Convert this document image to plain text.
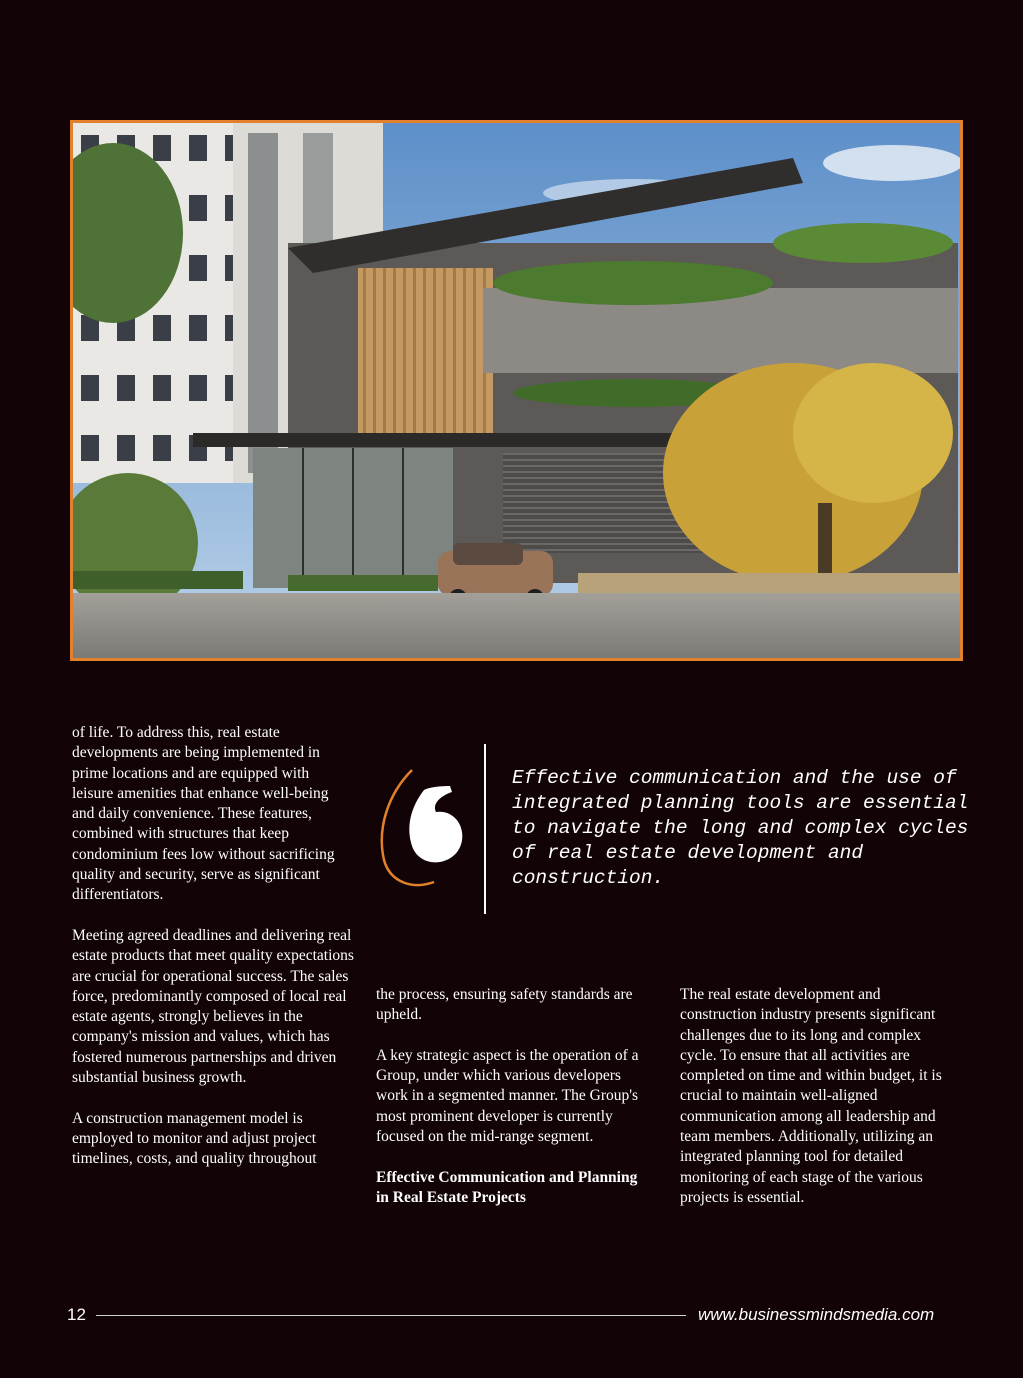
of life. To address this, real estate developments are being implemented in prime locations and are equipped with leisure amenities that enhance well-being and daily convenience. These features, combined with structures that keep condominium fees low without sacrificing quality and security, serve as significant differentiators.

Meeting agreed deadlines and delivering real estate products that meet quality expectations are crucial for operational success. The sales force, predominantly composed of local real estate agents, strongly believes in the company's mission and values, which has fostered numerous partnerships and driven substantial business growth.

A construction management model is employed to monitor and adjust project timelines, costs, and quality throughout

Effective communication and the use of integrated planning tools are essential to navigate the long and complex cycles of real estate development and construction.

the process, ensuring safety standards are upheld.

A key strategic aspect is the operation of a Group, under which various developers work in a segmented manner. The Group's most prominent developer is currently focused on the mid-range segment.

Effective Communication and Planning in Real Estate Projects

The real estate development and construction industry presents significant challenges due to its long and complex cycle. To ensure that all activities are completed on time and within budget, it is crucial to maintain well-aligned communication among all leadership and team members. Additionally, utilizing an integrated planning tool for detailed monitoring of each stage of the various projects is essential.

12	www.businessmindsmedia.com
